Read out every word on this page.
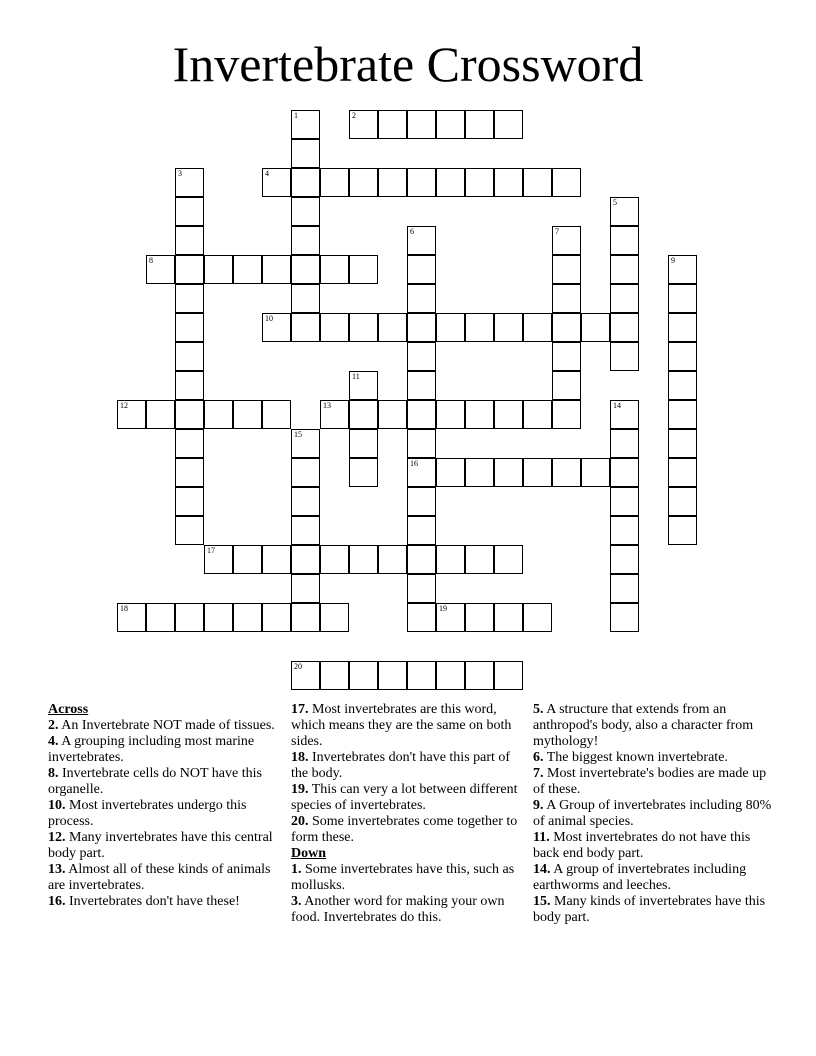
Invertebrate Crossword
2
4
8
10
12	13
16
17
18	19
20
1
3
5
6	7
9
11
14
15

Across

2. An Invertebrate NOT made of tissues.

4. A grouping including most marine invertebrates.

8. Invertebrate cells do NOT have this organelle.

10. Most invertebrates undergo this process.

12. Many invertebrates have this central body part.

13. Almost all of these kinds of animals are invertebrates.

16. Invertebrates don't have these!

17. Most invertebrates are this word, which means they are the same on both sides.

18. Invertebrates don't have this part of the body.

19. This can very a lot between different species of invertebrates.

20. Some invertebrates come together to form these.

Down

1. Some invertebrates have this, such as mollusks.

3. Another word for making your own food. Invertebrates do this.

5. A structure that extends from an anthropod's body, also a character from mythology!

6. The biggest known invertebrate.

7. Most invertebrate's bodies are made up of these.

9. A Group of invertebrates including 80% of animal species.

11. Most invertebrates do not have this back end body part.

14. A group of invertebrates including earthworms and leeches.

15. Many kinds of invertebrates have this body part.
